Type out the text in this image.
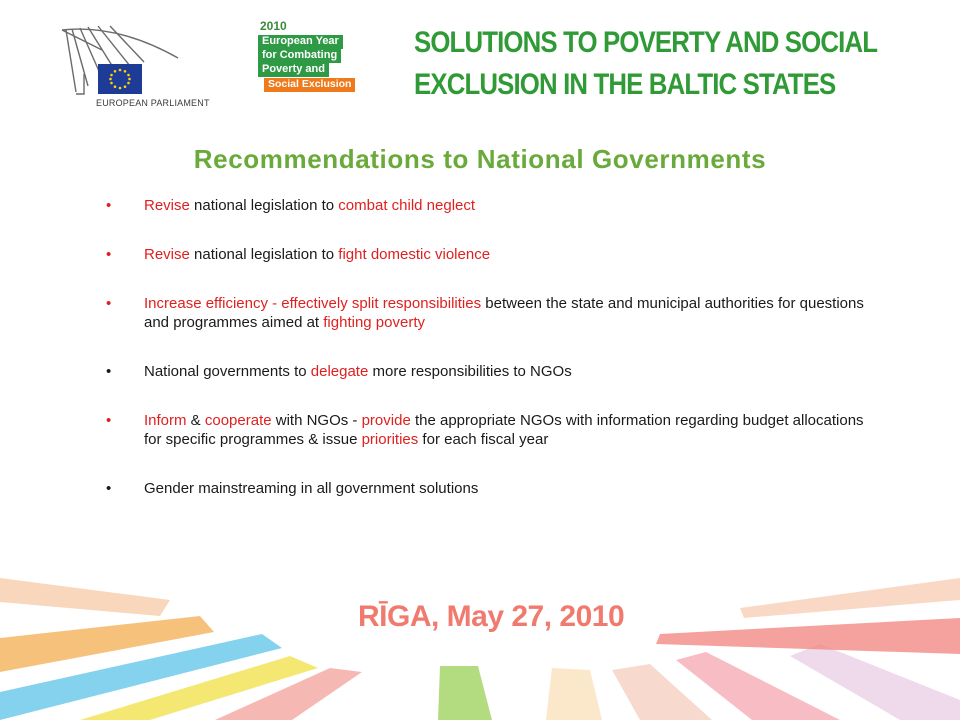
EUROPEAN PARLIAMENT
2010
European Year
for Combating
Poverty and
Social Exclusion
SOLUTIONS TO POVERTY AND SOCIAL
EXCLUSION IN THE BALTIC STATES
Recommendations to National Governments
• Revise national legislation to combat child neglect
• Revise national legislation to fight domestic violence
• Increase efficiency - effectively split responsibilities between the state and municipal authorities for questions and programmes aimed at fighting poverty
• National governments to delegate more responsibilities to NGOs
• Inform & cooperate with NGOs - provide the appropriate NGOs with information regarding budget allocations for specific programmes & issue priorities for each fiscal year
• Gender mainstreaming in all government solutions
RĪGA, May 27, 2010
